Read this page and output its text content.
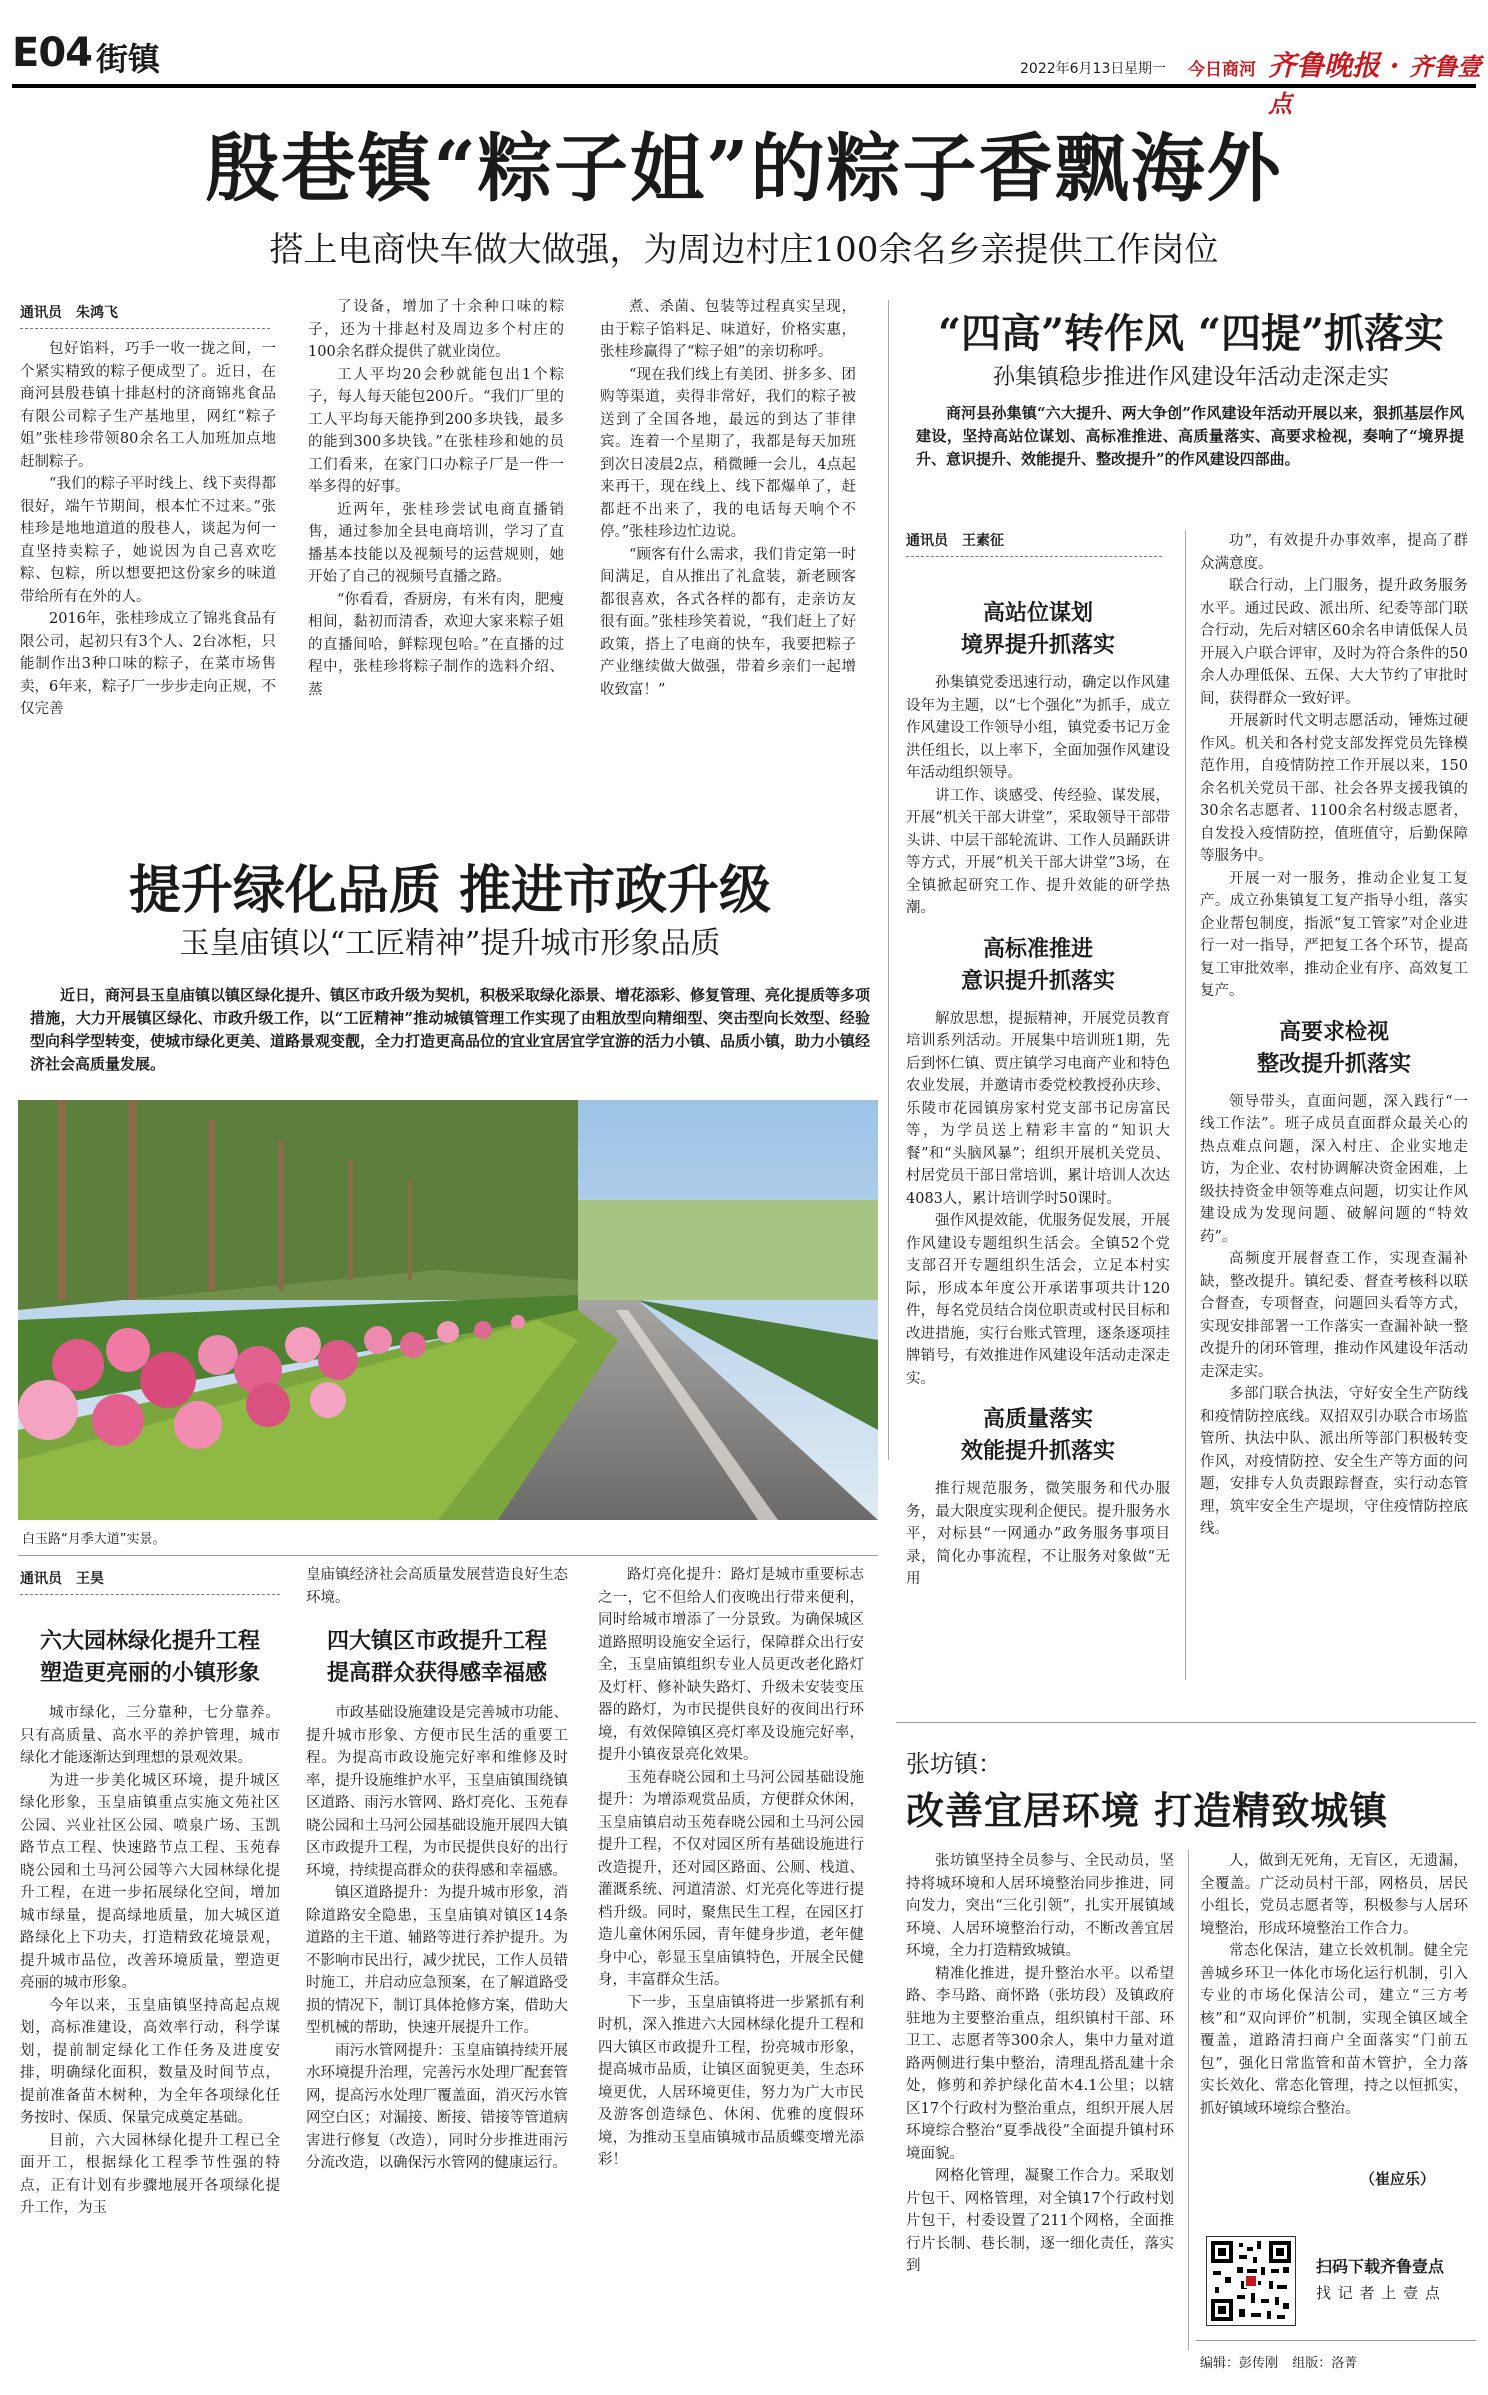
E04 街镇	2022年6月13日 星期一 今日商河 齐鲁晚报 · 齐鲁壹点
殷巷镇“粽子姐”的粽子香飘海外
搭上电商快车做大做强，为周边村庄100余名乡亲提供工作岗位
通讯员 朱鸿飞

包好馅料，巧手一收一拢之间，一个紧实精致的粽子便成型了。近日，在商河县殷巷镇十排赵村的济商锦兆食品有限公司粽子生产基地里，网红“粽子姐”张桂珍带领80余名工人加班加点地赶制粽子。

“我们的粽子平时线上、线下卖得都很好，端午节期间，根本忙不过来。”张桂珍是地地道道的殷巷人，谈起为何一直坚持卖粽子，她说因为自己喜欢吃粽、包粽，所以想要把这份家乡的味道带给所有在外的人。

2016年，张桂珍成立了锦兆食品有限公司，起初只有3个人、2台冰柜，只能制作出3种口味的粽子，在菜市场售卖，6年来，粽子厂一步步走向正规，不仅完善

了设备，增加了十余种口味的粽子，还为十排赵村及周边多个村庄的100余名群众提供了就业岗位。

工人平均20会秒就能包出1个粽子，每人每天能包200斤。“我们厂里的工人平均每天能挣到200多块钱，最多的能到300多块钱。”在张桂珍和她的员工们看来，在家门口办粽子厂是一件一举多得的好事。

近两年，张桂珍尝试电商直播销售，通过参加全县电商培训，学习了直播基本技能以及视频号的运营规则，她开始了自己的视频号直播之路。

“你看看，香厨房，有米有肉，肥瘦相间，黏初而清香，欢迎大家来粽子姐的直播间哈，鲜粽现包哈。”在直播的过程中，张桂珍将粽子制作的选料介绍、蒸

煮、杀菌、包装等过程真实呈现，由于粽子馅料足、味道好，价格实惠，张桂珍赢得了“粽子姐”的亲切称呼。

“现在我们线上有美团、拼多多、团购等渠道，卖得非常好，我们的粽子被送到了全国各地，最远的到达了菲律宾。连着一个星期了，我都是每天加班到次日凌晨2点，稍微睡一会儿，4点起来再干，现在线上、线下都爆单了，赶都赶不出来了，我的电话每天响个不停。”张桂珍边忙边说。

“顾客有什么需求，我们肯定第一时间满足，自从推出了礼盒装，新老顾客都很喜欢，各式各样的都有，走亲访友很有面。”张桂珍笑着说，“我们赶上了好政策，搭上了电商的快车，我要把粽子产业继续做大做强，带着乡亲们一起增收致富！”

“四高”转作风 “四提”抓落实
孙集镇稳步推进作风建设年活动走深走实

商河县孙集镇“六大提升、两大争创”作风建设年活动开展以来，狠抓基层作风建设，坚持高站位谋划、高标准推进、高质量落实、高要求检视，奏响了“境界提升、意识提升、效能提升、整改提升”的作风建设四部曲。

通讯员 王素征
高站位谋划
境界提升抓落实

孙集镇党委迅速行动，确定以作风建设年为主题，以“七个强化”为抓手，成立作风建设工作领导小组，镇党委书记万金洪任组长，以上率下，全面加强作风建设年活动组织领导。

讲工作、谈感受、传经验、谋发展，开展“机关干部大讲堂”，采取领导干部带头讲、中层干部轮流讲、工作人员踊跃讲等方式，开展“机关干部大讲堂”3场，在全镇掀起研究工作、提升效能的研学热潮。

高标准推进
意识提升抓落实

解放思想，提振精神，开展党员教育培训系列活动。开展集中培训班1期，先后到怀仁镇、贾庄镇学习电商产业和特色农业发展，并邀请市委党校教授孙庆珍、乐陵市花园镇房家村党支部书记房富民等，为学员送上精彩丰富的“知识大餐”和“头脑风暴”；组织开展机关党员、村居党员干部日常培训，累计培训人次达4083人，累计培训学时50课时。

强作风提效能，优服务促发展，开展作风建设专题组织生活会。全镇52个党支部召开专题组织生活会，立足本村实际，形成本年度公开承诺事项共计120件，每名党员结合岗位职责或村民目标和改进措施，实行台账式管理，逐条逐项挂牌销号，有效推进作风建设年活动走深走实。

高质量落实
效能提升抓落实

推行规范服务，微笑服务和代办服务，最大限度实现利企便民。提升服务水平，对标县“一网通办”政务服务事项目录，简化办事流程，不让服务对象做“无用

功”，有效提升办事效率，提高了群众满意度。

联合行动，上门服务，提升政务服务水平。通过民政、派出所、纪委等部门联合行动，先后对辖区60余名申请低保人员开展入户联合评审，及时为符合条件的50余人办理低保、五保、大大节约了审批时间，获得群众一致好评。

开展新时代文明志愿活动，锤炼过硬作风。机关和各村党支部发挥党员先锋模范作用，自疫情防控工作开展以来，150余名机关党员干部、社会各界支援我镇的30余名志愿者、1100余名村级志愿者，自发投入疫情防控，值班值守，后勤保障等服务中。

开展一对一服务，推动企业复工复产。成立孙集镇复工复产指导小组，落实企业帮包制度，指派“复工管家”对企业进行一对一指导，严把复工各个环节，提高复工审批效率，推动企业有序、高效复工复产。

高要求检视
整改提升抓落实

领导带头，直面问题，深入践行“一线工作法”。班子成员直面群众最关心的热点难点问题，深入村庄、企业实地走访，为企业、农村协调解决资金困难，上级扶持资金申领等难点问题，切实让作风建设成为发现问题、破解问题的“特效药”。

高频度开展督查工作，实现查漏补缺，整改提升。镇纪委、督查考核科以联合督查，专项督查，问题回头看等方式，实现安排部署一工作落实一查漏补缺一整改提升的闭环管理，推动作风建设年活动走深走实。

多部门联合执法，守好安全生产防线和疫情防控底线。双招双引办联合市场监管所、执法中队、派出所等部门积极转变作风，对疫情防控、安全生产等方面的问题，安排专人负责跟踪督查，实行动态管理，筑牢安全生产堤坝，守住疫情防控底线。

提升绿化品质 推进市政升级
玉皇庙镇以“工匠精神”提升城市形象品质

近日，商河县玉皇庙镇以镇区绿化提升、镇区市政升级为契机，积极采取绿化添景、增花添彩、修复管理、亮化提质等多项措施，大力开展镇区绿化、市政升级工作，以“工匠精神”推动城镇管理工作实现了由粗放型向精细型、突击型向长效型、经验型向科学型转变，使城市绿化更美、道路景观变靓，全力打造更高品位的宜业宜居宜学宜游的活力小镇、品质小镇，助力小镇经济社会高质量发展。

白玉路“月季大道”实景。
通讯员 王昊
六大园林绿化提升工程
塑造更亮丽的小镇形象

城市绿化，三分靠种，七分靠养。只有高质量、高水平的养护管理，城市绿化才能逐渐达到理想的景观效果。

为进一步美化城区环境，提升城区绿化形象，玉皇庙镇重点实施文苑社区公园、兴业社区公园、喷泉广场、玉凯路节点工程、快速路节点工程、玉苑春晓公园和土马河公园等六大园林绿化提升工程，在进一步拓展绿化空间，增加城市绿量，提高绿地质量，加大城区道路绿化上下功夫，打造精致花境景观，提升城市品位，改善环境质量，塑造更亮丽的城市形象。

今年以来，玉皇庙镇坚持高起点规划，高标准建设，高效率行动，科学谋划，提前制定绿化工作任务及进度安排，明确绿化面积，数量及时间节点，提前准备苗木树种，为全年各项绿化任务按时、保质、保量完成奠定基础。

目前，六大园林绿化提升工程已全面开工，根据绿化工程季节性强的特点，正有计划有步骤地展开各项绿化提升工作，为玉

皇庙镇经济社会高质量发展营造良好生态环境。

四大镇区市政提升工程
提高群众获得感幸福感

市政基础设施建设是完善城市功能、提升城市形象、方便市民生活的重要工程。为提高市政设施完好率和维修及时率，提升设施维护水平，玉皇庙镇围绕镇区道路、雨污水管网、路灯亮化、玉苑春晓公园和土马河公园基础设施开展四大镇区市政提升工程，为市民提供良好的出行环境，持续提高群众的获得感和幸福感。

镇区道路提升：为提升城市形象，消除道路安全隐患，玉皇庙镇对镇区14条道路的主干道、辅路等进行养护提升。为不影响市民出行，减少扰民，工作人员错时施工，并启动应急预案，在了解道路受损的情况下，制订具体抢修方案，借助大型机械的帮助，快速开展提升工作。

雨污水管网提升：玉皇庙镇持续开展水环境提升治理，完善污水处理厂配套管网，提高污水处理厂覆盖面，消灭污水管网空白区；对漏接、断接、错接等管道病害进行修复（改造），同时分步推进雨污分流改造，以确保污水管网的健康运行。

路灯亮化提升：路灯是城市重要标志之一，它不但给人们夜晚出行带来便利，同时给城市增添了一分景致。为确保城区道路照明设施安全运行，保障群众出行安全，玉皇庙镇组织专业人员更改老化路灯及灯杆、修补缺失路灯、升级未安装变压器的路灯，为市民提供良好的夜间出行环境，有效保障镇区亮灯率及设施完好率，提升小镇夜景亮化效果。

玉苑春晓公园和土马河公园基础设施提升：为增添观赏品质，方便群众休闲，玉皇庙镇启动玉苑春晓公园和土马河公园提升工程，不仅对园区所有基础设施进行改造提升，还对园区路面、公厕、栈道、灌溉系统、河道清淤、灯光亮化等进行提档升级。同时，聚焦民生工程，在园区打造儿童休闲乐园，青年健身步道，老年健身中心，彰显玉皇庙镇特色，开展全民健身，丰富群众生活。

下一步，玉皇庙镇将进一步紧抓有利时机，深入推进六大园林绿化提升工程和四大镇区市政提升工程，扮亮城市形象，提高城市品质，让镇区面貌更美，生态环境更优，人居环境更佳，努力为广大市民及游客创造绿色、休闲、优雅的度假环境，为推动玉皇庙镇城市品质蝶变增光添彩！

张坊镇：
改善宜居环境 打造精致城镇

张坊镇坚持全员参与、全民动员，坚持将城环境和人居环境整治同步推进，同向发力，突出“三化引领”，扎实开展镇域环境、人居环境整治行动，不断改善宜居环境，全力打造精致城镇。

精准化推进，提升整治水平。以希望路、李马路、商怀路（张坊段）及镇政府驻地为主要整治重点，组织镇村干部、环卫工、志愿者等300余人，集中力量对道路两侧进行集中整治，清理乱搭乱建十余处，修剪和养护绿化苗木4.1公里；以辖区17个行政村为整治重点，组织开展人居环境综合整治“夏季战役”全面提升镇村环境面貌。

网格化管理，凝聚工作合力。采取划片包干、网格管理，对全镇17个行政村划片包干，村委设置了211个网格，全面推行片长制、巷长制，逐一细化责任，落实到

人，做到无死角，无盲区，无遗漏，全覆盖。广泛动员村干部，网格员，居民小组长，党员志愿者等，积极参与人居环境整治，形成环境整治工作合力。

常态化保洁，建立长效机制。健全完善城乡环卫一体化市场化运行机制，引入专业的市场化保洁公司，建立“三方考核”和“双向评价”机制，实现全镇区域全覆盖，道路清扫商户全面落实“门前五包”，强化日常监管和苗木管护，全力落实长效化、常态化管理，持之以恒抓实，抓好镇域环境综合整治。

（崔应乐）
扫码下载齐鲁壹点
找 记 者 上 壹 点
编辑：彭传刚 组版：洛菁
